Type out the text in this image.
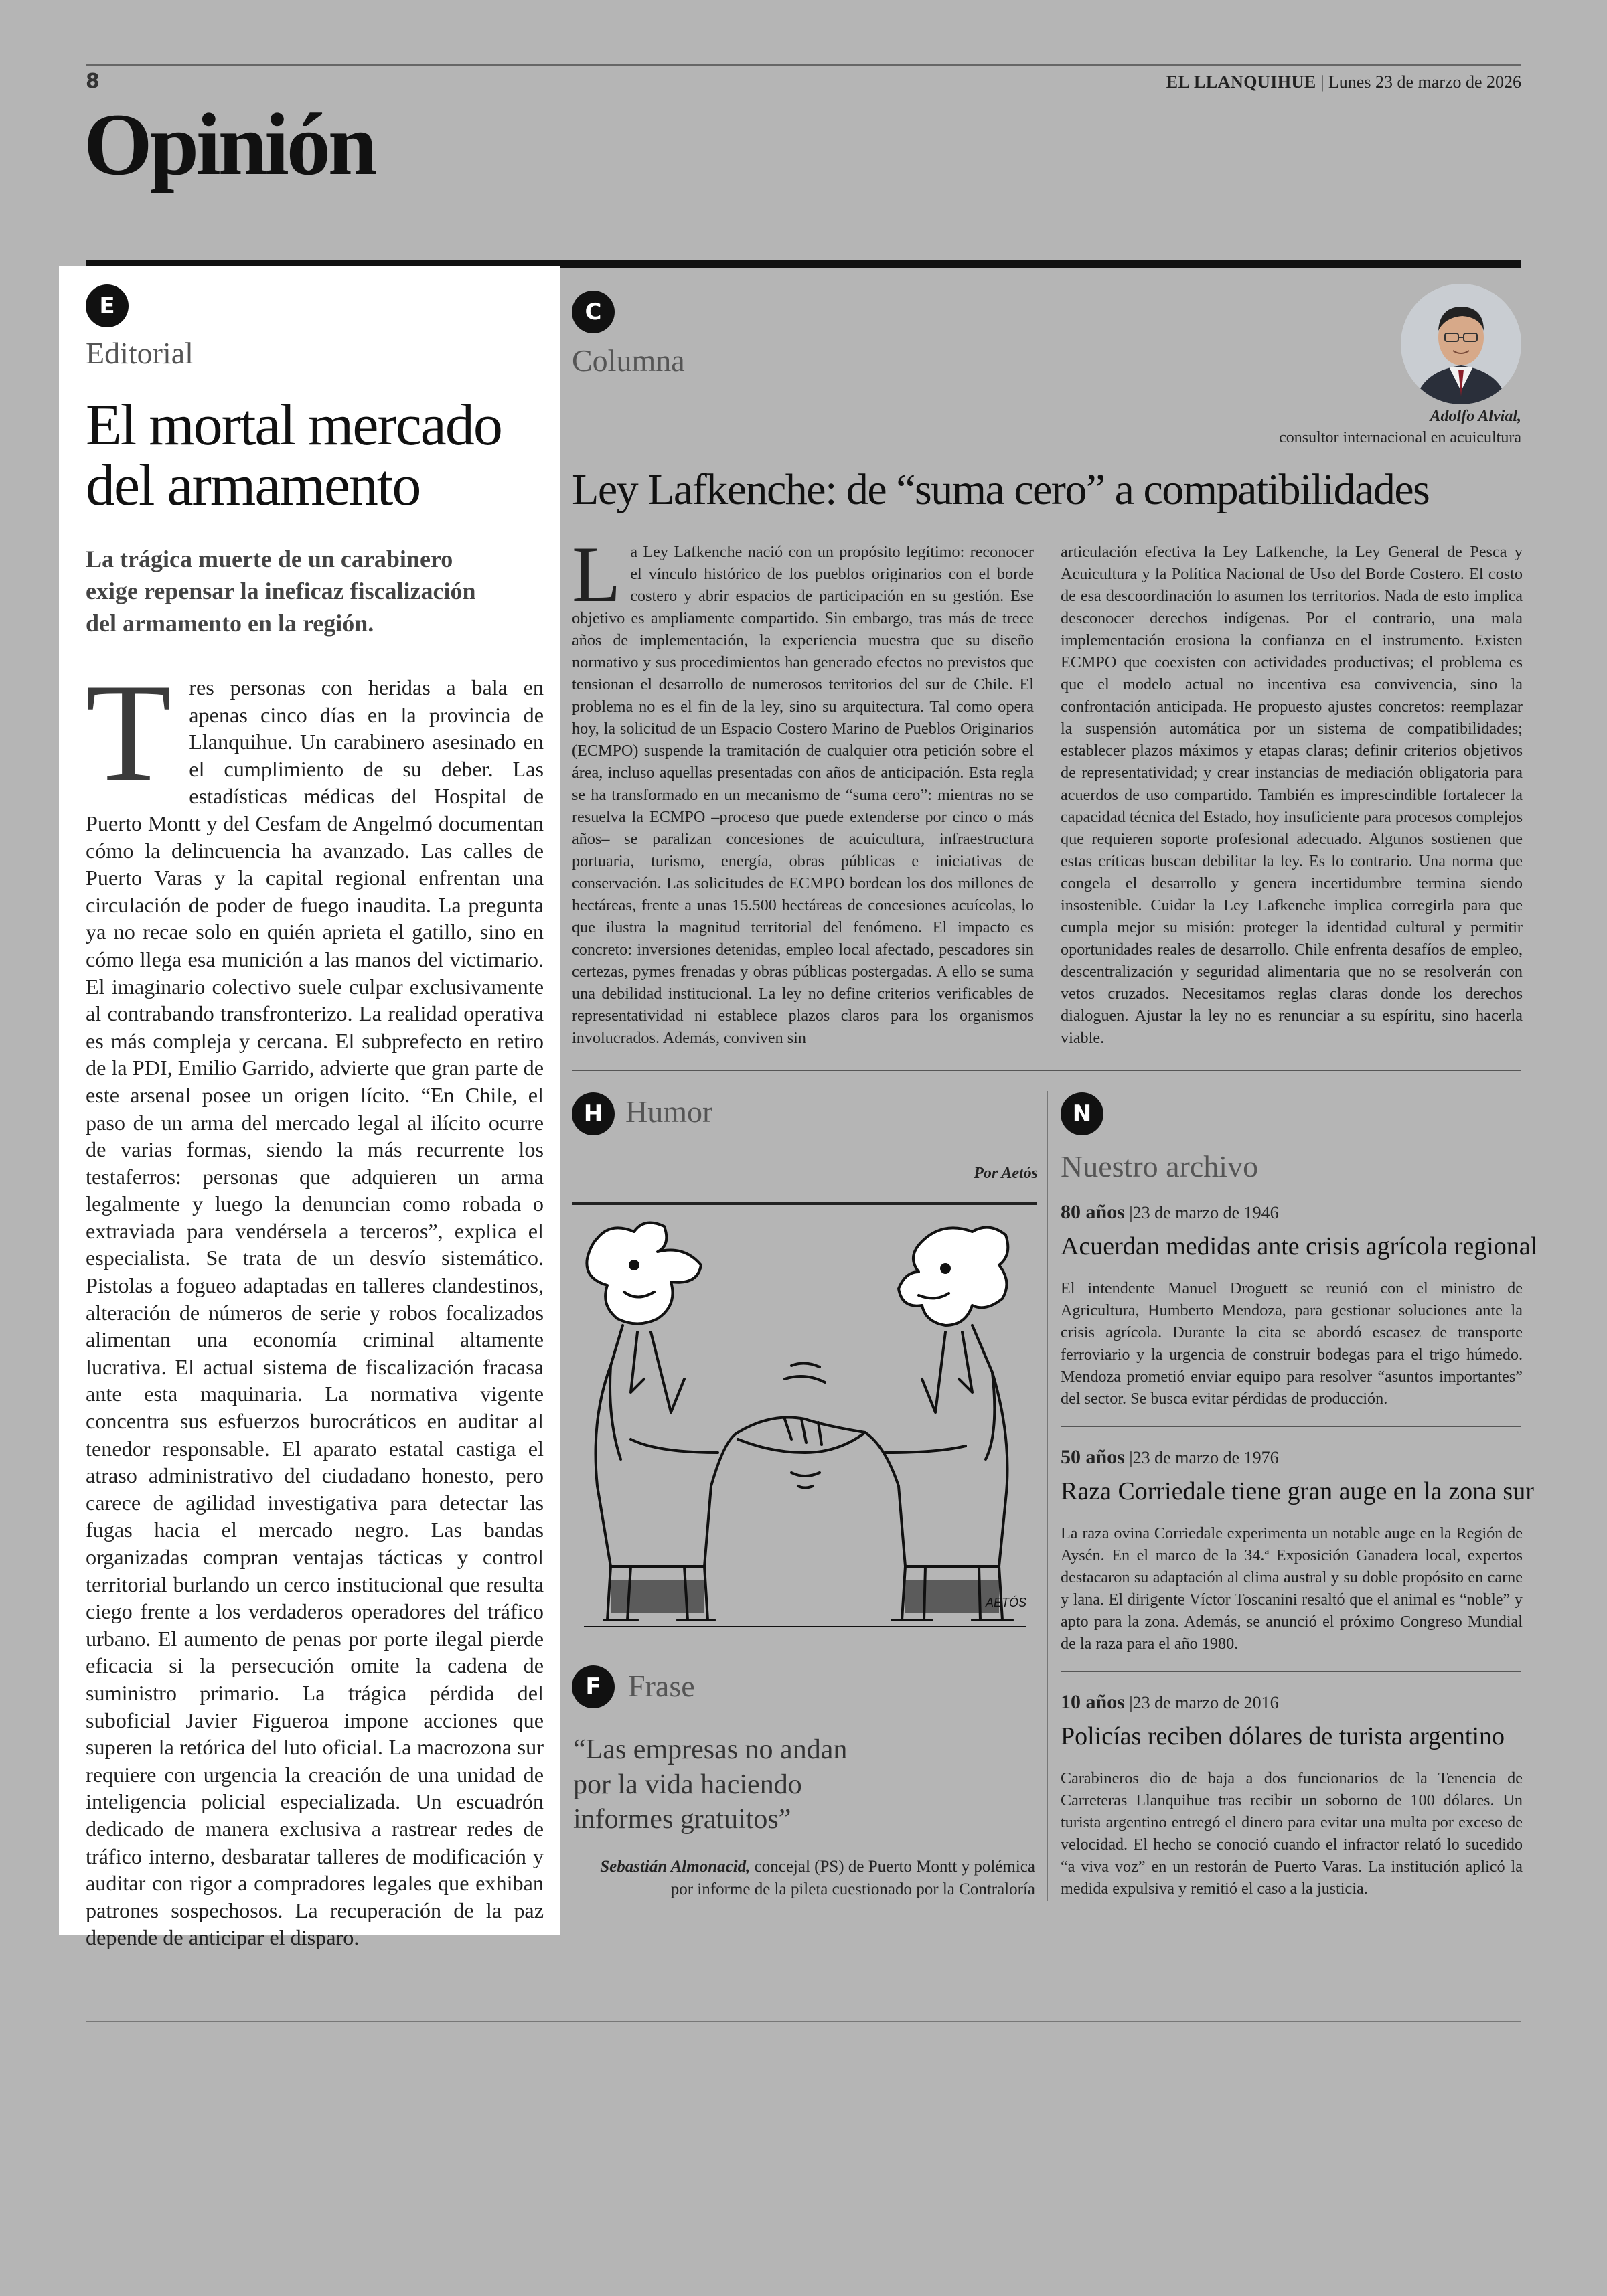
8	EL LLANQUIHUE | Lunes 23 de marzo de 2026
Opinión
E
Editorial
El mortal mercado
del armamento
La trágica muerte de un carabinero
exige repensar la ineficaz fiscalización
del armamento en la región.
Tres personas con heridas a bala en apenas cinco días en la provincia de Llanquihue. Un carabinero asesinado en el cumplimiento de su deber. Las estadísticas médicas del Hospital de Puerto Montt y del Cesfam de Angelmó documentan cómo la delincuencia ha avanzado. Las calles de Puerto Varas y la capital regional enfrentan una circulación de poder de fuego inaudita. La pregunta ya no recae solo en quién aprieta el gatillo, sino en cómo llega esa munición a las manos del victimario. El imaginario colectivo suele culpar exclusivamente al contrabando transfronterizo. La realidad operativa es más compleja y cercana. El subprefecto en retiro de la PDI, Emilio Garrido, advierte que gran parte de este arsenal posee un origen lícito. “En Chile, el paso de un arma del mercado legal al ilícito ocurre de varias formas, siendo la más recurrente los testaferros: personas que adquieren un arma legalmente y luego la denuncian como robada o extraviada para vendérsela a terceros”, explica el especialista. Se trata de un desvío sistemático. Pistolas a fogueo adaptadas en talleres clandestinos, alteración de números de serie y robos focalizados alimentan una economía criminal altamente lucrativa. El actual sistema de fiscalización fracasa ante esta maquinaria. La normativa vigente concentra sus esfuerzos burocráticos en auditar al tenedor responsable. El aparato estatal castiga el atraso administrativo del ciudadano honesto, pero carece de agilidad investigativa para detectar las fugas hacia el mercado negro. Las bandas organizadas compran ventajas tácticas y control territorial burlando un cerco institucional que resulta ciego frente a los verdaderos operadores del tráfico urbano. El aumento de penas por porte ilegal pierde eficacia si la persecución omite la cadena de suministro primario. La trágica pérdida del suboficial Javier Figueroa impone acciones que superen la retórica del luto oficial. La macrozona sur requiere con urgencia la creación de una unidad de inteligencia policial especializada. Un escuadrón dedicado de manera exclusiva a rastrear redes de tráfico interno, desbaratar talleres de modificación y auditar con rigor a compradores legales que exhiban patrones sospechosos. La recuperación de la paz depende de anticipar el disparo.
C
Columna
Adolfo Alvial,
consultor internacional en acuicultura
Ley Lafkenche: de “suma cero” a compatibilidades
La Ley Lafkenche nació con un propósito legítimo: reconocer el vínculo histórico de los pueblos originarios con el borde costero y abrir espacios de participación en su gestión. Ese objetivo es ampliamente compartido. Sin embargo, tras más de trece años de implementación, la experiencia muestra que su diseño normativo y sus procedimientos han generado efectos no previstos que tensionan el desarrollo de numerosos territorios del sur de Chile. El problema no es el fin de la ley, sino su arquitectura. Tal como opera hoy, la solicitud de un Espacio Costero Marino de Pueblos Originarios (ECMPO) suspende la tramitación de cualquier otra petición sobre el área, incluso aquellas presentadas con años de anticipación. Esta regla se ha transformado en un mecanismo de “suma cero”: mientras no se resuelva la ECMPO –proceso que puede extenderse por cinco o más años– se paralizan concesiones de acuicultura, infraestructura portuaria, turismo, energía, obras públicas e iniciativas de conservación. Las solicitudes de ECMPO bordean los dos millones de hectáreas, frente a unas 15.500 hectáreas de concesiones acuícolas, lo que ilustra la magnitud territorial del fenómeno. El impacto es concreto: inversiones detenidas, empleo local afectado, pescadores sin certezas, pymes frenadas y obras públicas postergadas. A ello se suma una debilidad institucional. La ley no define criterios verificables de representatividad ni establece plazos claros para los organismos involucrados. Además, conviven sin
articulación efectiva la Ley Lafkenche, la Ley General de Pesca y Acuicultura y la Política Nacional de Uso del Borde Costero. El costo de esa descoordinación lo asumen los territorios. Nada de esto implica desconocer derechos indígenas. Por el contrario, una mala implementación erosiona la confianza en el instrumento. Existen ECMPO que coexisten con actividades productivas; el problema es que el modelo actual no incentiva esa convivencia, sino la confrontación anticipada. He propuesto ajustes concretos: reemplazar la suspensión automática por un sistema de compatibilidades; establecer plazos máximos y etapas claras; definir criterios objetivos de representatividad; y crear instancias de mediación obligatoria para acuerdos de uso compartido. También es imprescindible fortalecer la capacidad técnica del Estado, hoy insuficiente para procesos complejos que requieren soporte profesional adecuado. Algunos sostienen que estas críticas buscan debilitar la ley. Es lo contrario. Una norma que congela el desarrollo y genera incertidumbre termina siendo insostenible. Cuidar la Ley Lafkenche implica corregirla para que cumpla mejor su misión: proteger la identidad cultural y permitir oportunidades reales de desarrollo. Chile enfrenta desafíos de empleo, descentralización y seguridad alimentaria que no se resolverán con vetos cruzados. Necesitamos reglas claras donde los derechos dialoguen. Ajustar la ley no es renunciar a su espíritu, sino hacerla viable.
H Humor
Por Aetós
AETÓS
F Frase
“Las empresas no andan
por la vida haciendo
informes gratuitos”
Sebastián Almonacid, concejal (PS) de Puerto Montt y polémica
por informe de la pileta cuestionado por la Contraloría
N
Nuestro archivo
80 años |23 de marzo de 1946
Acuerdan medidas ante crisis agrícola regional
El intendente Manuel Droguett se reunió con el ministro de Agricultura, Humberto Mendoza, para gestionar soluciones ante la crisis agrícola. Durante la cita se abordó escasez de transporte ferroviario y la urgencia de construir bodegas para el trigo húmedo. Mendoza prometió enviar equipo para resolver “asuntos importantes” del sector. Se busca evitar pérdidas de producción.
50 años |23 de marzo de 1976
Raza Corriedale tiene gran auge en la zona sur
La raza ovina Corriedale experimenta un notable auge en la Región de Aysén. En el marco de la 34.ª Exposición Ganadera local, expertos destacaron su adaptación al clima austral y su doble propósito en carne y lana. El dirigente Víctor Toscanini resaltó que el animal es “noble” y apto para la zona. Además, se anunció el próximo Congreso Mundial de la raza para el año 1980.
10 años |23 de marzo de 2016
Policías reciben dólares de turista argentino
Carabineros dio de baja a dos funcionarios de la Tenencia de Carreteras Llanquihue tras recibir un soborno de 100 dólares. Un turista argentino entregó el dinero para evitar una multa por exceso de velocidad. El hecho se conoció cuando el infractor relató lo sucedido “a viva voz” en un restorán de Puerto Varas. La institución aplicó la medida expulsiva y remitió el caso a la justicia.
